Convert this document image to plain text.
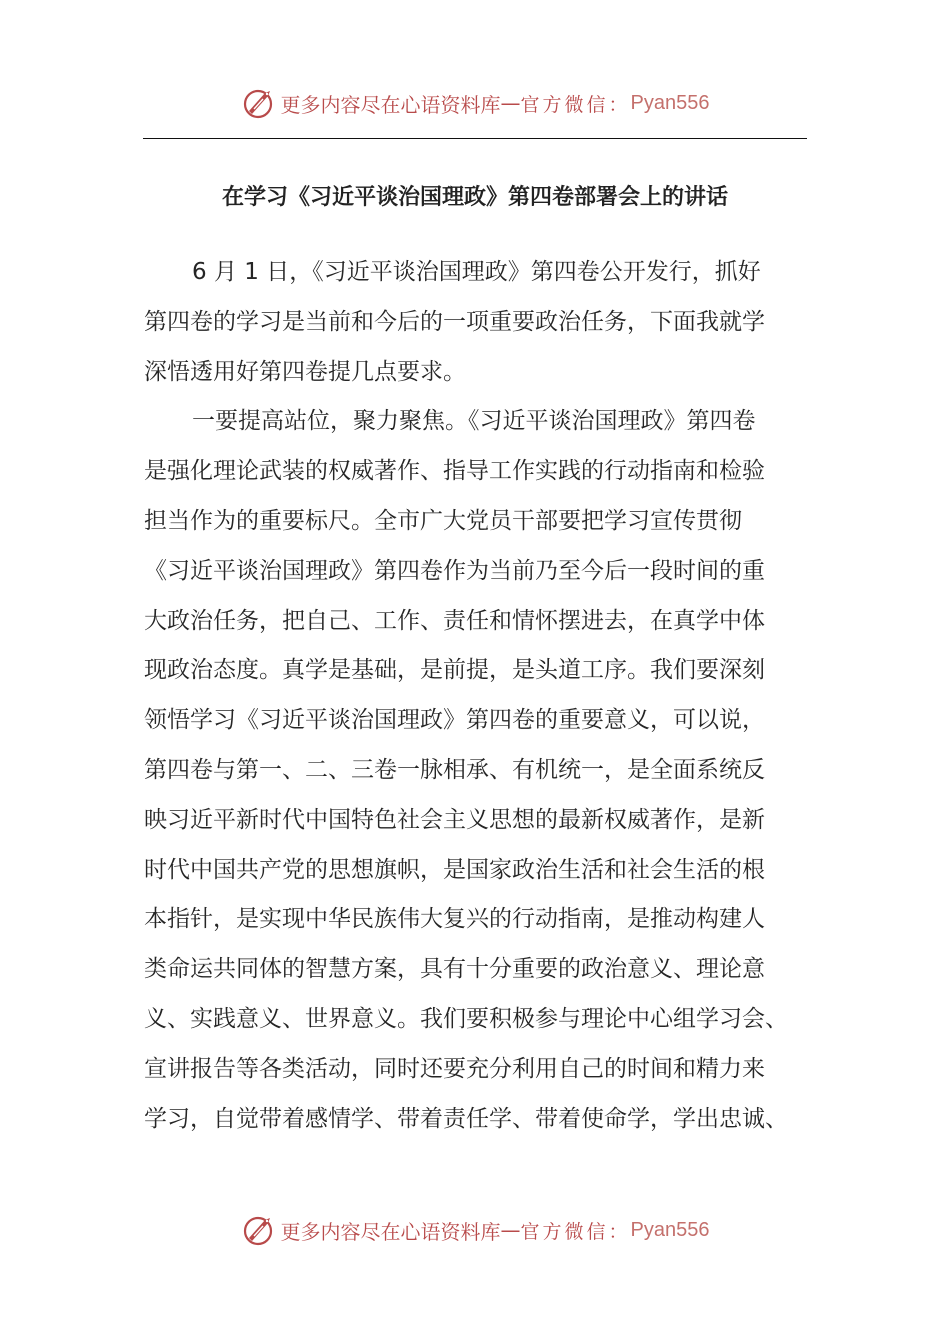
更多内容尽在心语资料库 — 官方微信： Pyan556
在学习《习近平谈治国理政》第四卷部署会上的讲话
6 月 1 日，《习近平谈治国理政》第四卷公开发行，抓好
第四卷的学习是当前和今后的一项重要政治任务，下面我就学
深悟透用好第四卷提几点要求。
一要提高站位，聚力聚焦。《习近平谈治国理政》第四卷
是强化理论武装的权威著作、指导工作实践的行动指南和检验
担当作为的重要标尺。全市广大党员干部要把学习宣传贯彻
《习近平谈治国理政》第四卷作为当前乃至今后一段时间的重
大政治任务，把自己、工作、责任和情怀摆进去，在真学中体
现政治态度。真学是基础，是前提，是头道工序。我们要深刻
领悟学习《习近平谈治国理政》第四卷的重要意义，可以说，
第四卷与第一、二、三卷一脉相承、有机统一，是全面系统反
映习近平新时代中国特色社会主义思想的最新权威著作，是新
时代中国共产党的思想旗帜，是国家政治生活和社会生活的根
本指针，是实现中华民族伟大复兴的行动指南，是推动构建人
类命运共同体的智慧方案，具有十分重要的政治意义、理论意
义、实践意义、世界意义。我们要积极参与理论中心组学习会、
宣讲报告等各类活动，同时还要充分利用自己的时间和精力来
学习，自觉带着感情学、带着责任学、带着使命学，学出忠诚、
更多内容尽在心语资料库 — 官方微信： Pyan556
